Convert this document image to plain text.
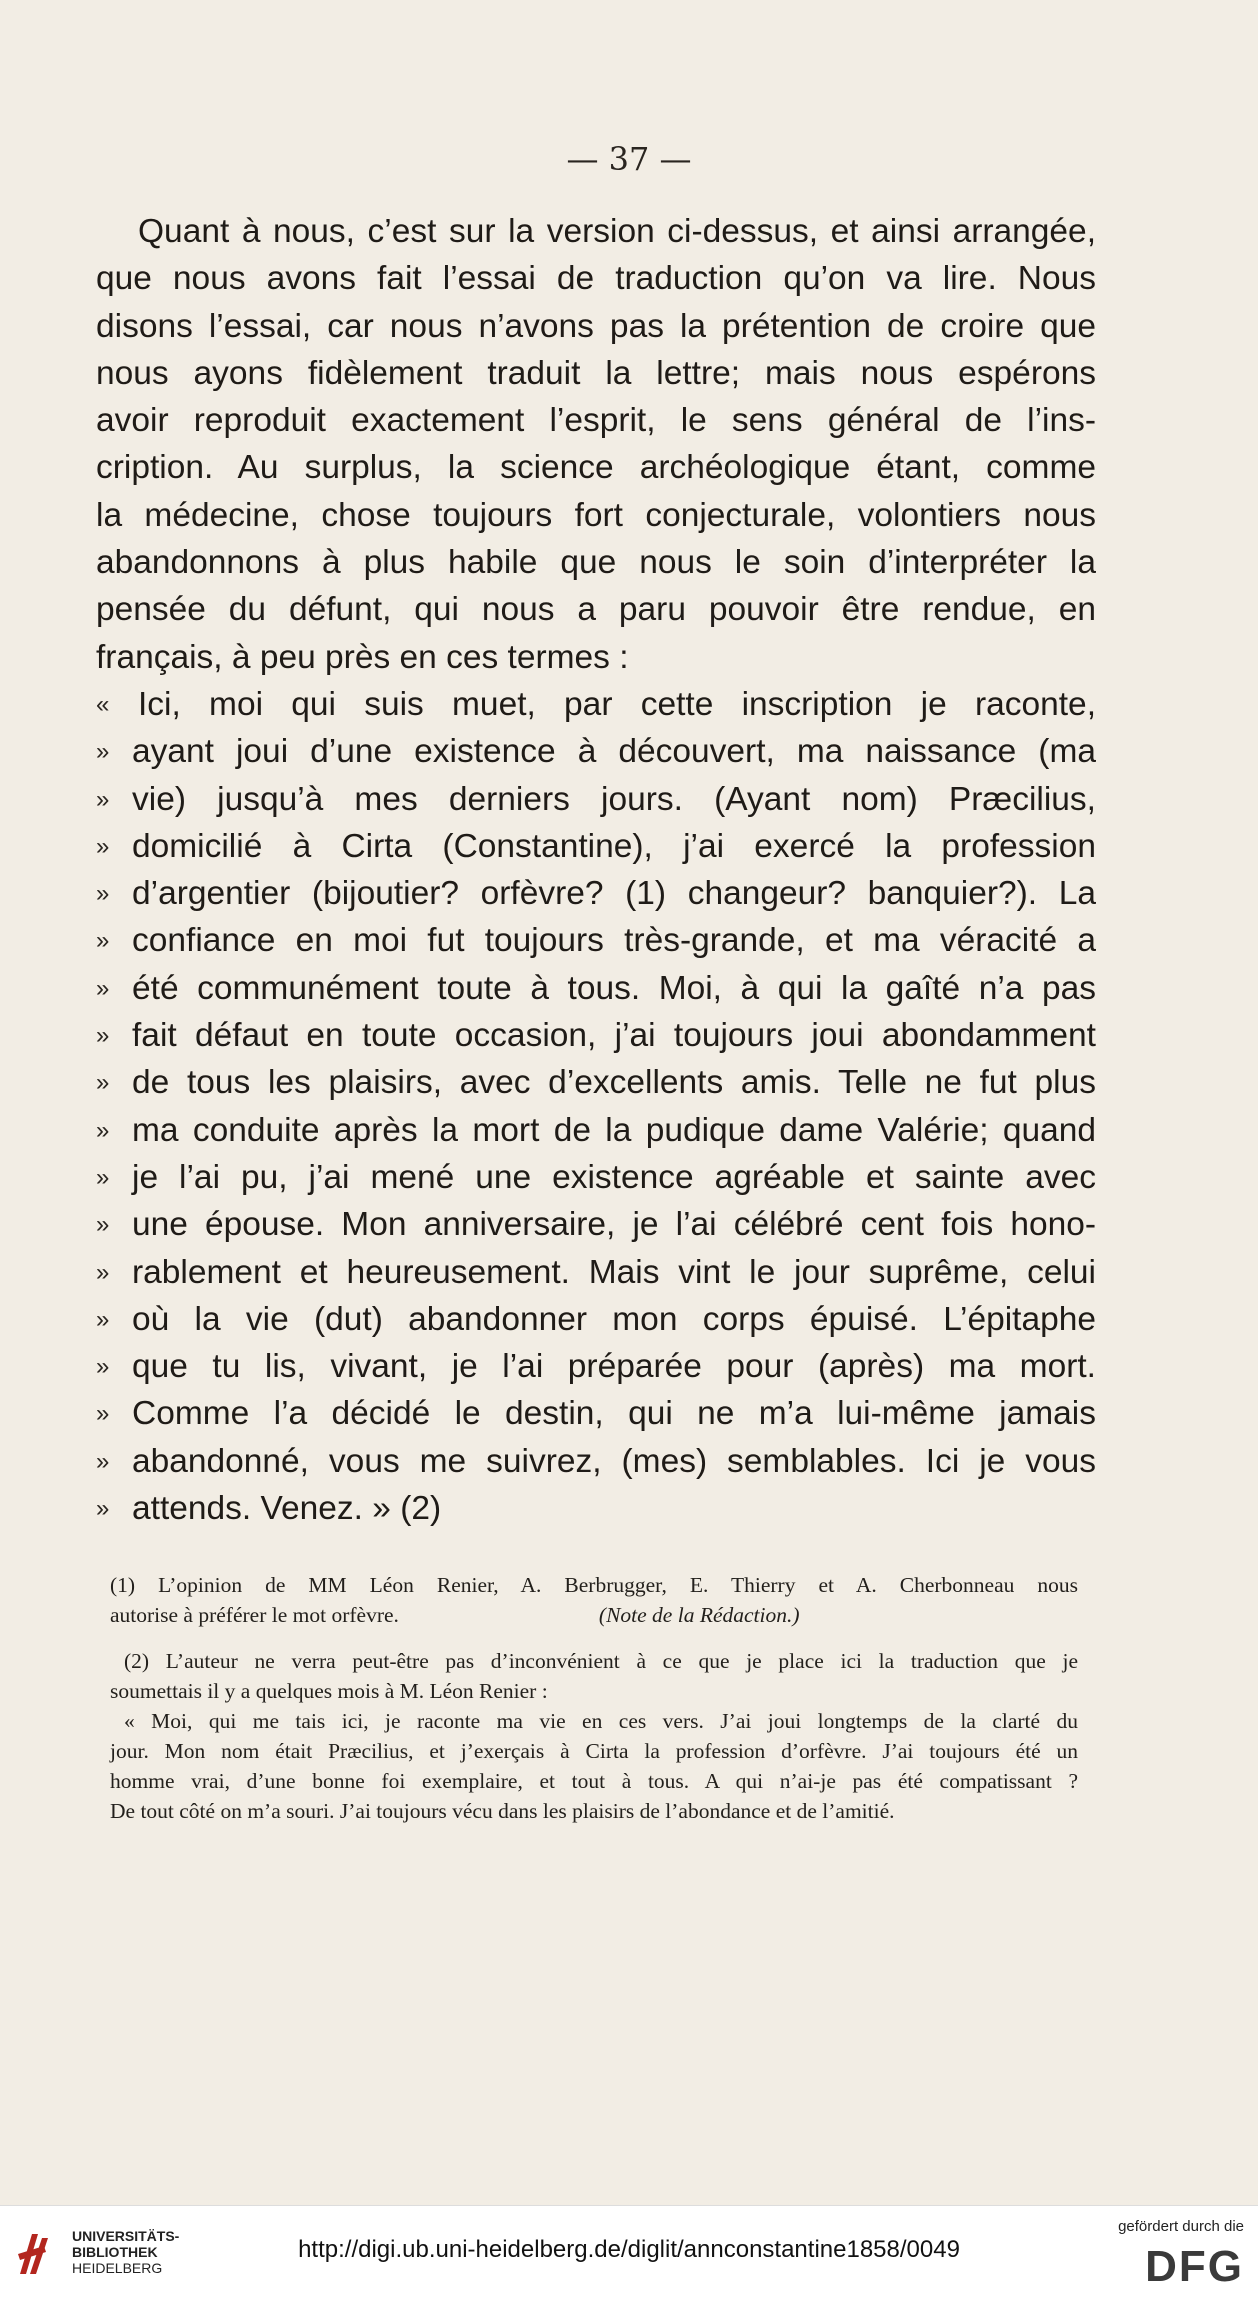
— 37 —
Quant à nous, c’est sur la version ci-dessus, et ainsi arrangée,
que nous avons fait l’essai de traduction qu’on va lire. Nous
disons l’essai, car nous n’avons pas la prétention de croire que
nous ayons fidèlement traduit la lettre; mais nous espérons
avoir reproduit exactement l’esprit, le sens général de l’ins-
cription. Au surplus, la science archéologique étant, comme
la médecine, chose toujours fort conjecturale, volontiers nous
abandonnons à plus habile que nous le soin d’interpréter la
pensée du défunt, qui nous a paru pouvoir être rendue, en
français, à peu près en ces termes :
« Ici, moi qui suis muet, par cette inscription je raconte,
» ayant joui d’une existence à découvert, ma naissance (ma
» vie) jusqu’à mes derniers jours. (Ayant nom) Præcilius,
» domicilié à Cirta (Constantine), j’ai exercé la profession
» d’argentier (bijoutier? orfèvre? (1) changeur? banquier?). La
» confiance en moi fut toujours très-grande, et ma véracité a
» été communément toute à tous. Moi, à qui la gaîté n’a pas
» fait défaut en toute occasion, j’ai toujours joui abondamment
» de tous les plaisirs, avec d’excellents amis. Telle ne fut plus
» ma conduite après la mort de la pudique dame Valérie; quand
» je l’ai pu, j’ai mené une existence agréable et sainte avec
» une épouse. Mon anniversaire, je l’ai célébré cent fois hono-
» rablement et heureusement. Mais vint le jour suprême, celui
» où la vie (dut) abandonner mon corps épuisé. L’épitaphe
» que tu lis, vivant, je l’ai préparée pour (après) ma mort.
» Comme l’a décidé le destin, qui ne m’a lui-même jamais
» abandonné, vous me suivrez, (mes) semblables. Ici je vous
» attends. Venez. » (2)
(1) L’opinion de MM Léon Renier, A. Berbrugger, E. Thierry et A. Cherbonneau nous
autorise à préférer le mot orfèvre.	(Note de la Rédaction.)
(2) L’auteur ne verra peut-être pas d’inconvénient à ce que je place ici la traduction que je
soumettais il y a quelques mois à M. Léon Renier :
« Moi, qui me tais ici, je raconte ma vie en ces vers. J’ai joui longtemps de la clarté du
jour. Mon nom était Præcilius, et j’exerçais à Cirta la profession d’orfèvre. J’ai toujours été un
homme vrai, d’une bonne foi exemplaire, et tout à tous. A qui n’ai-je pas été compatissant ?
De tout côté on m’a souri. J’ai toujours vécu dans les plaisirs de l’abondance et de l’amitié.
UNIVERSITÄTS-
BIBLIOTHEK
HEIDELBERG
http://digi.ub.uni-heidelberg.de/diglit/annconstantine1858/0049
gefördert durch die
DFG
